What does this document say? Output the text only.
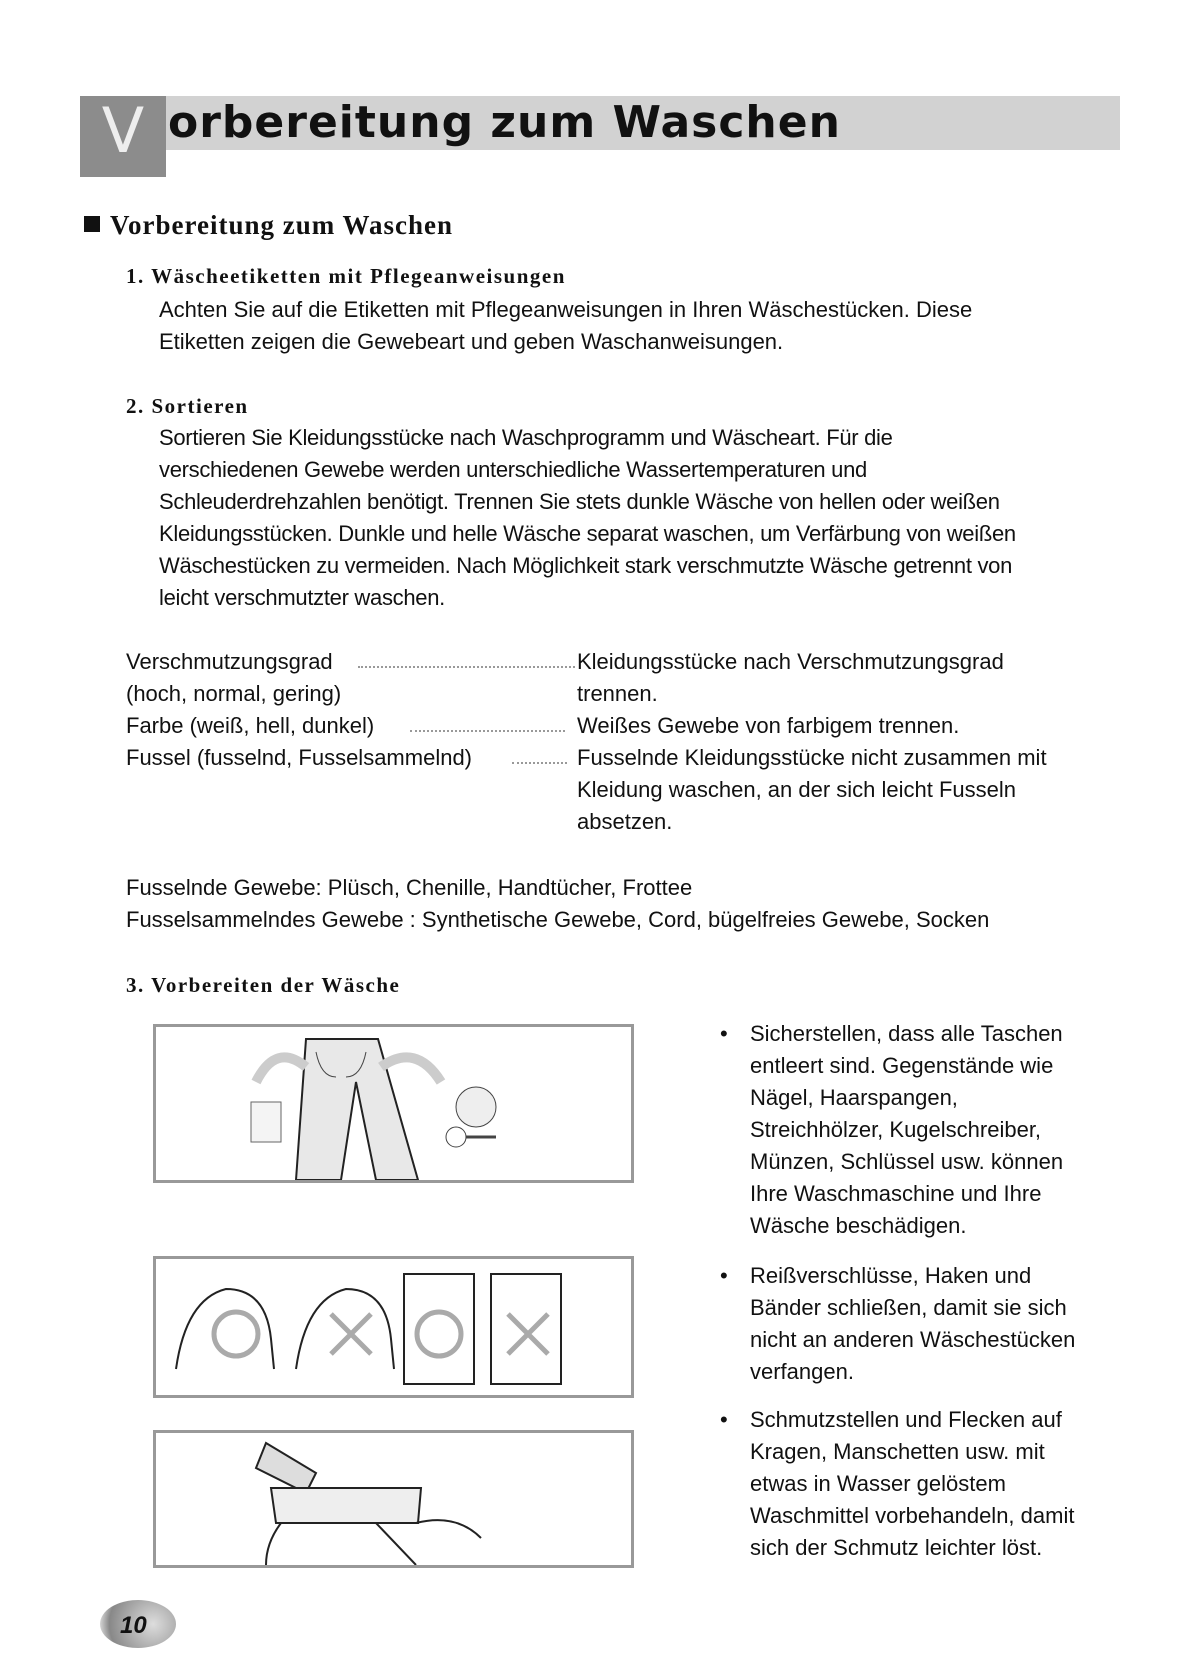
V orbereitung zum Waschen
Vorbereitung zum Waschen
1. Wäscheetiketten mit Pflegeanweisungen
Achten Sie auf die Etiketten mit Pflegeanweisungen in Ihren Wäschestücken. Diese
Etiketten zeigen die Gewebeart und geben Waschanweisungen.
2. Sortieren
Sortieren Sie Kleidungsstücke nach Waschprogramm und Wäscheart. Für die
verschiedenen Gewebe werden unterschiedliche Wassertemperaturen und
Schleuderdrehzahlen benötigt. Trennen Sie stets dunkle Wäsche von hellen oder weißen
Kleidungsstücken. Dunkle und helle Wäsche separat waschen, um Verfärbung von weißen
Wäschestücken zu vermeiden. Nach Möglichkeit stark verschmutzte Wäsche getrennt von
leicht verschmutzter waschen.
Verschmutzungsgrad
(hoch, normal, gering)
Kleidungsstücke nach Verschmutzungsgrad
trennen.
Farbe (weiß, hell, dunkel)	Weißes Gewebe von farbigem trennen.
Fussel (fusselnd, Fusselsammelnd)	Fusselnde Kleidungsstücke nicht zusammen mit
Kleidung waschen, an der sich leicht Fusseln
absetzen.
Fusselnde Gewebe: Plüsch, Chenille, Handtücher, Frottee
Fusselsammelndes Gewebe : Synthetische Gewebe, Cord, bügelfreies Gewebe, Socken
3. Vorbereiten der Wäsche
• Sicherstellen, dass alle Taschen
entleert sind. Gegenstände wie
Nägel, Haarspangen,
Streichhölzer, Kugelschreiber,
Münzen, Schlüssel usw. können
Ihre Waschmaschine und Ihre
Wäsche beschädigen.
• Reißverschlüsse, Haken und
Bänder schließen, damit sie sich
nicht an anderen Wäschestücken
verfangen.
• Schmutzstellen und Flecken auf
Kragen, Manschetten usw. mit
etwas in Wasser gelöstem
Waschmittel vorbehandeln, damit
sich der Schmutz leichter löst.
10
